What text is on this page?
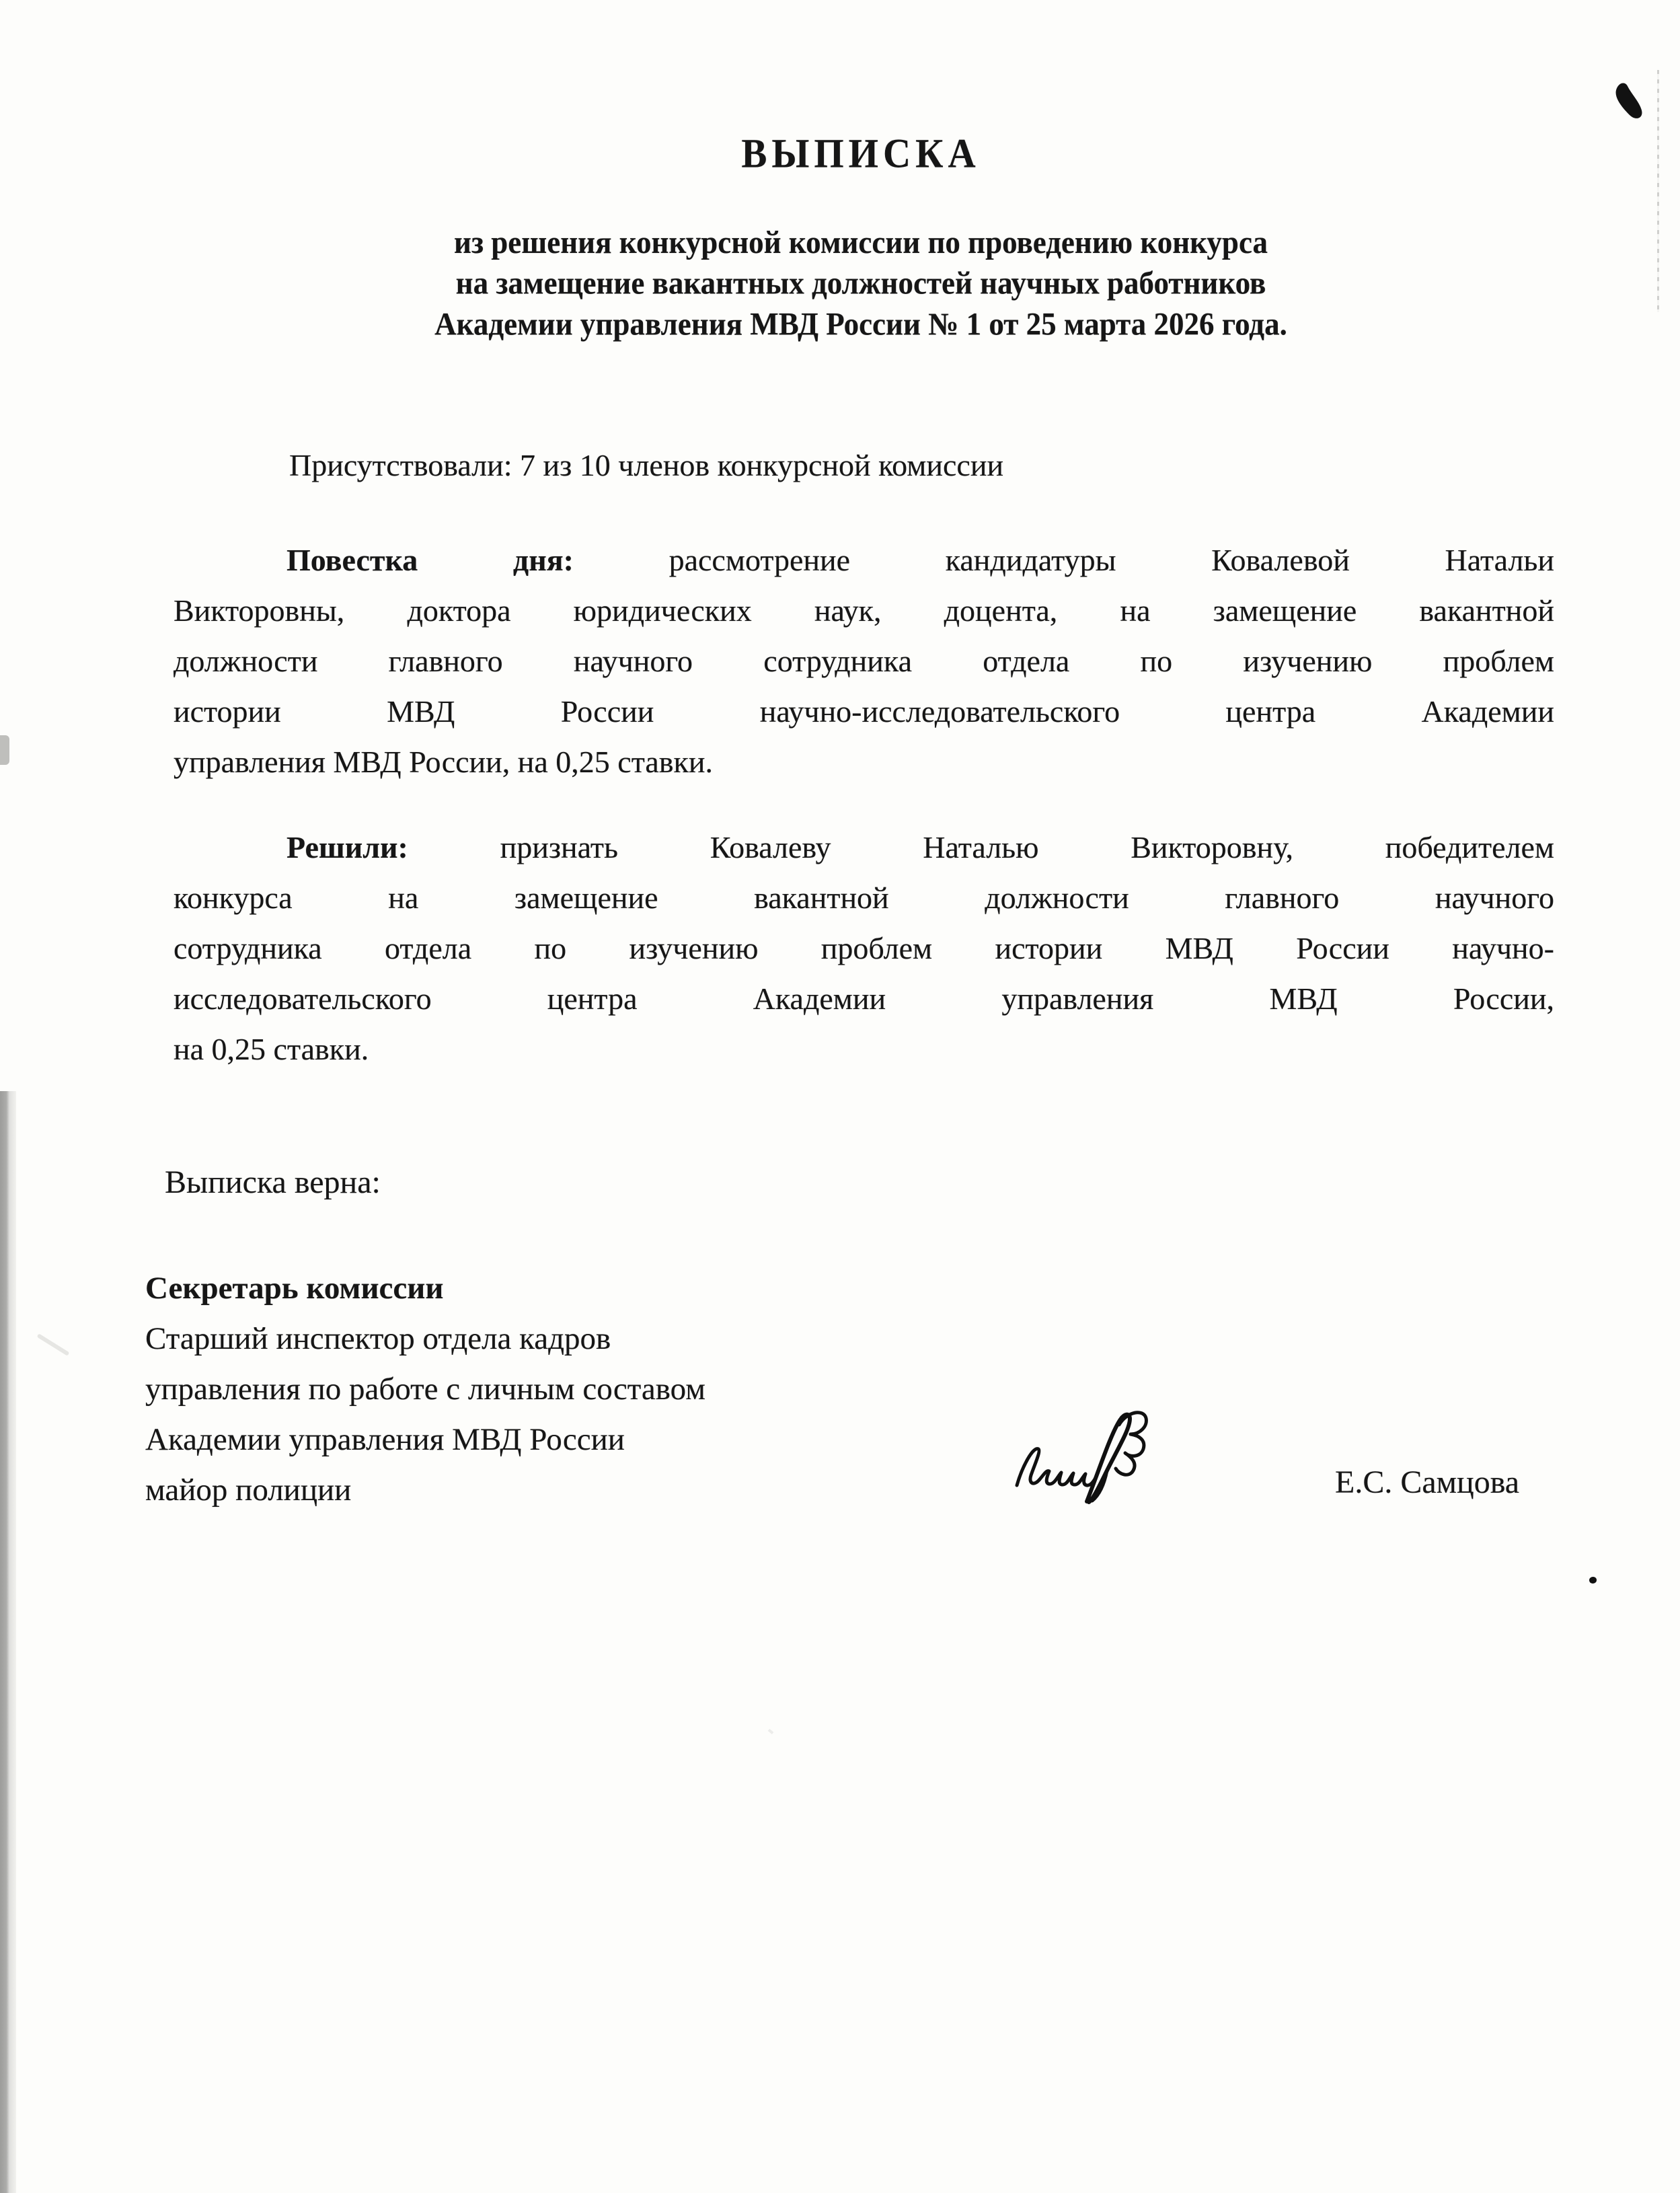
ВЫПИСКА
из решения конкурсной комиссии по проведению конкурса
на замещение вакантных должностей научных работников
Академии управления МВД России № 1 от 25 марта 2026 года.
Присутствовали: 7 из 10 членов конкурсной комиссии
Повестка дня:	рассмотрение кандидатуры Ковалевой Натальи
Викторовны, доктора юридических наук, доцента, на замещение вакантной
должности главного научного сотрудника отдела по изучению проблем
истории МВД России научно-исследовательского центра Академии
управления МВД России, на 0,25 ставки.
Решили:	признать Ковалеву Наталью Викторовну, победителем
конкурса на замещение вакантной должности главного научного
сотрудника отдела по изучению проблем истории МВД России научно-
исследовательского центра Академии управления МВД России,
на 0,25 ставки.
Выписка верна:
Секретарь комиссии
Старший инспектор отдела кадров
управления по работе с личным составом
Академии управления МВД России
майор полиции	Е.С. Самцова
